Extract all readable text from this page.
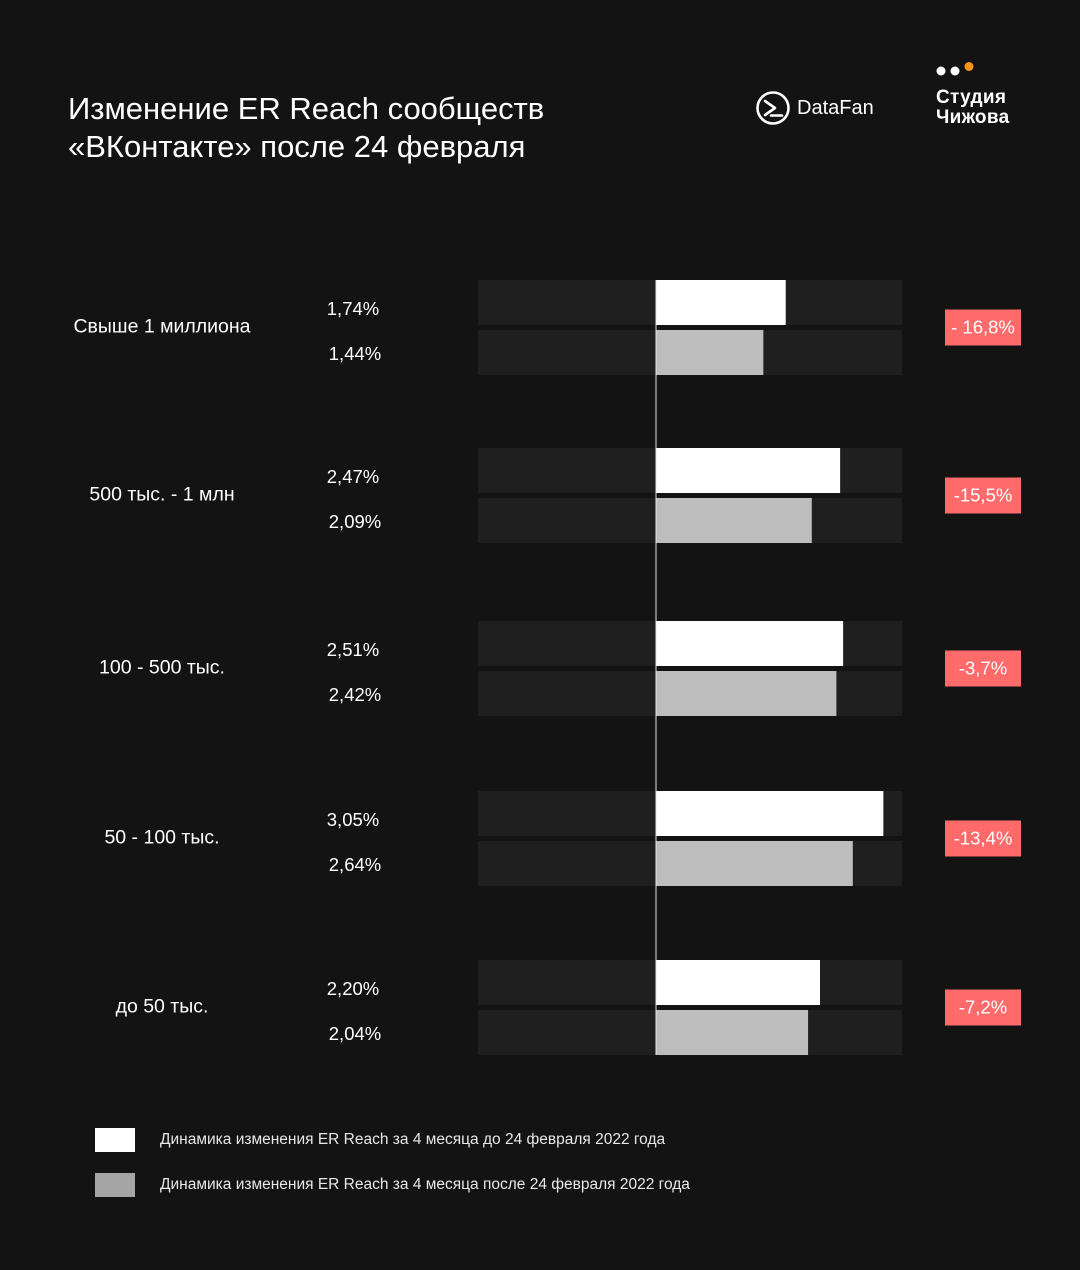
Изменение ER Reach сообществ
«ВКонтакте» после 24 февраля
DataFan	Студия
Чижова
Свыше 1 миллиона
1,74%
1,44%
- 16,8%
500 тыс. - 1 млн
2,47%
2,09%
-15,5%
100 - 500 тыс.
2,51%
2,42%
-3,7%
50 - 100 тыс.
3,05%
2,64%
-13,4%
до 50 тыс.
2,20%
2,04%
-7,2%
Динамика изменения ER Reach за 4 месяца до 24 февраля 2022 года
Динамика изменения ER Reach за 4 месяца после 24 февраля 2022 года
